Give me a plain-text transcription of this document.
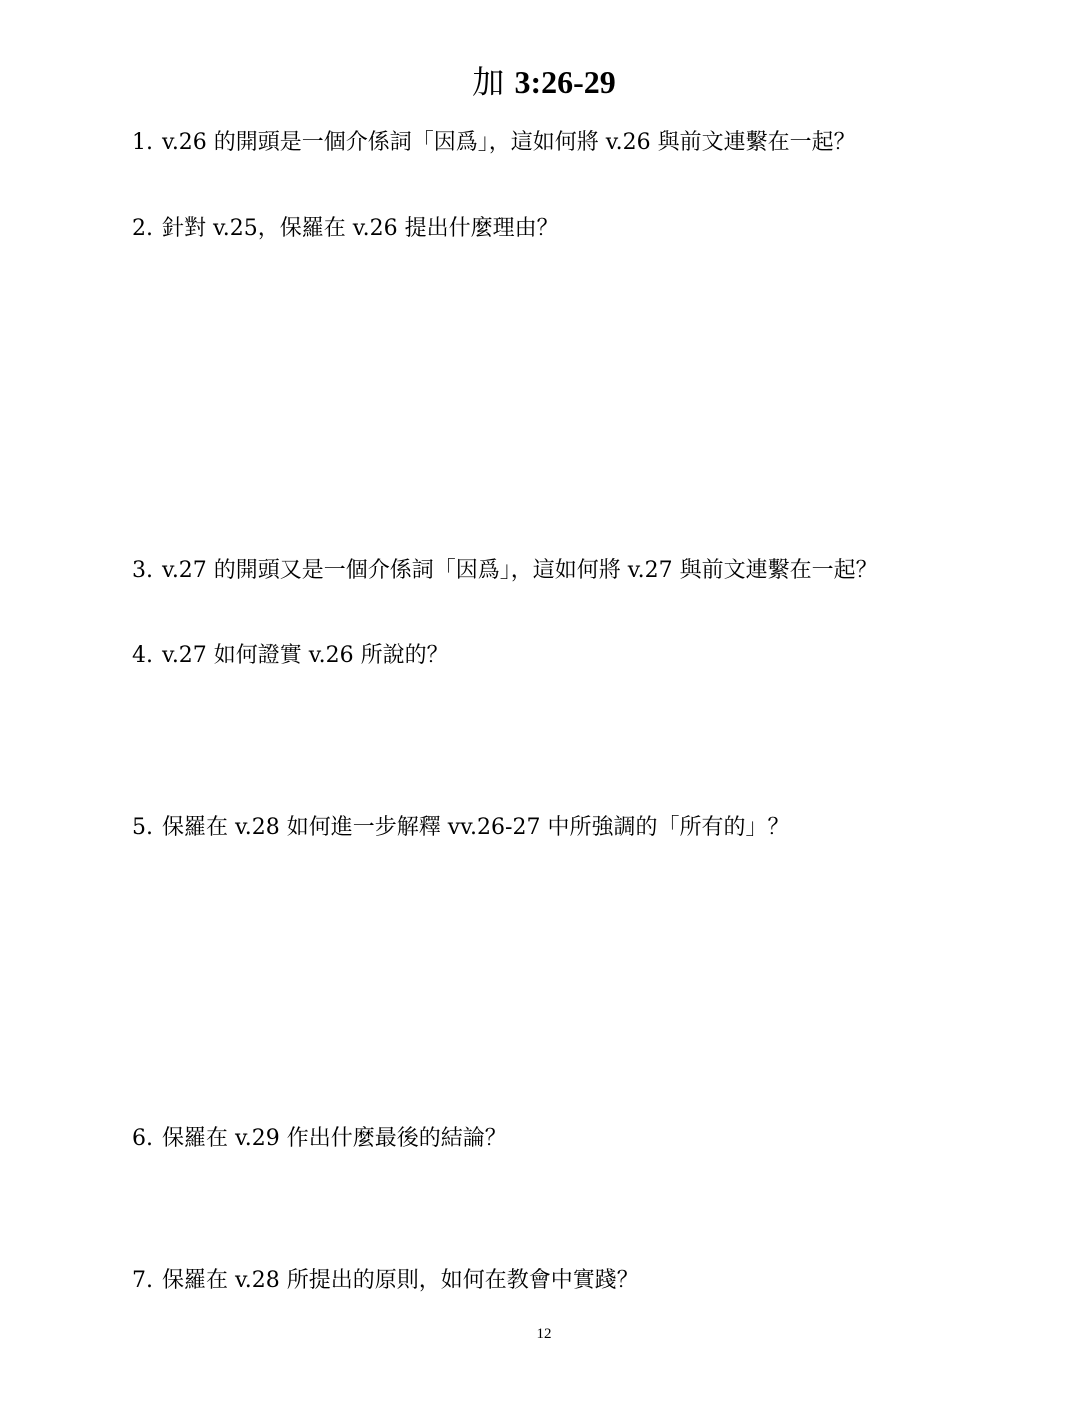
加 3:26-29
1. v.26 的開頭是一個介係詞「因爲」，這如何將 v.26 與前文連繫在一起？
2. 針對 v.25，保羅在 v.26 提出什麼理由？
3. v.27 的開頭又是一個介係詞「因爲」，這如何將 v.27 與前文連繫在一起？
4. v.27 如何證實 v.26 所說的？
5. 保羅在 v.28 如何進一步解釋 vv.26-27 中所強調的「所有的」？
6. 保羅在 v.29 作出什麼最後的結論？
7. 保羅在 v.28 所提出的原則，如何在教會中實踐？
12
